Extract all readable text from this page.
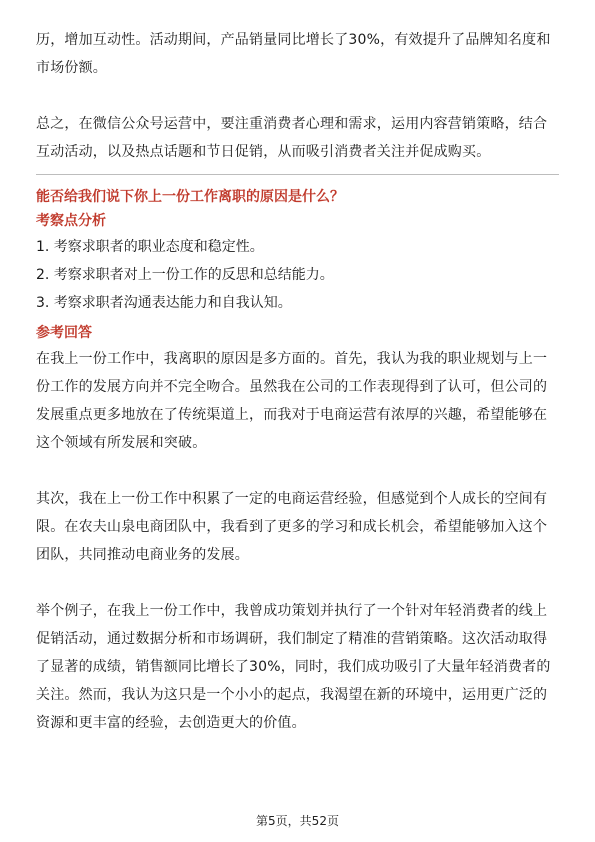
历，增加互动性。活动期间，产品销量同比增长了30%，有效提升了品牌知名度和

市场份额。

总之，在微信公众号运营中，要注重消费者心理和需求，运用内容营销策略，结合

互动活动，以及热点话题和节日促销，从而吸引消费者关注并促成购买。

能否给我们说下你上一份工作离职的原因是什么？

考察点分析

1. 考察求职者的职业态度和稳定性。

2. 考察求职者对上一份工作的反思和总结能力。

3. 考察求职者沟通表达能力和自我认知。

参考回答

在我上一份工作中，我离职的原因是多方面的。首先，我认为我的职业规划与上一

份工作的发展方向并不完全吻合。虽然我在公司的工作表现得到了认可，但公司的

发展重点更多地放在了传统渠道上，而我对于电商运营有浓厚的兴趣，希望能够在

这个领域有所发展和突破。

其次，我在上一份工作中积累了一定的电商运营经验，但感觉到个人成长的空间有

限。在农夫山泉电商团队中，我看到了更多的学习和成长机会，希望能够加入这个

团队，共同推动电商业务的发展。

举个例子，在我上一份工作中，我曾成功策划并执行了一个针对年轻消费者的线上

促销活动，通过数据分析和市场调研，我们制定了精准的营销策略。这次活动取得

了显著的成绩，销售额同比增长了30%，同时，我们成功吸引了大量年轻消费者的

关注。然而，我认为这只是一个小小的起点，我渴望在新的环境中，运用更广泛的

资源和更丰富的经验，去创造更大的价值。

第5页，共52页
